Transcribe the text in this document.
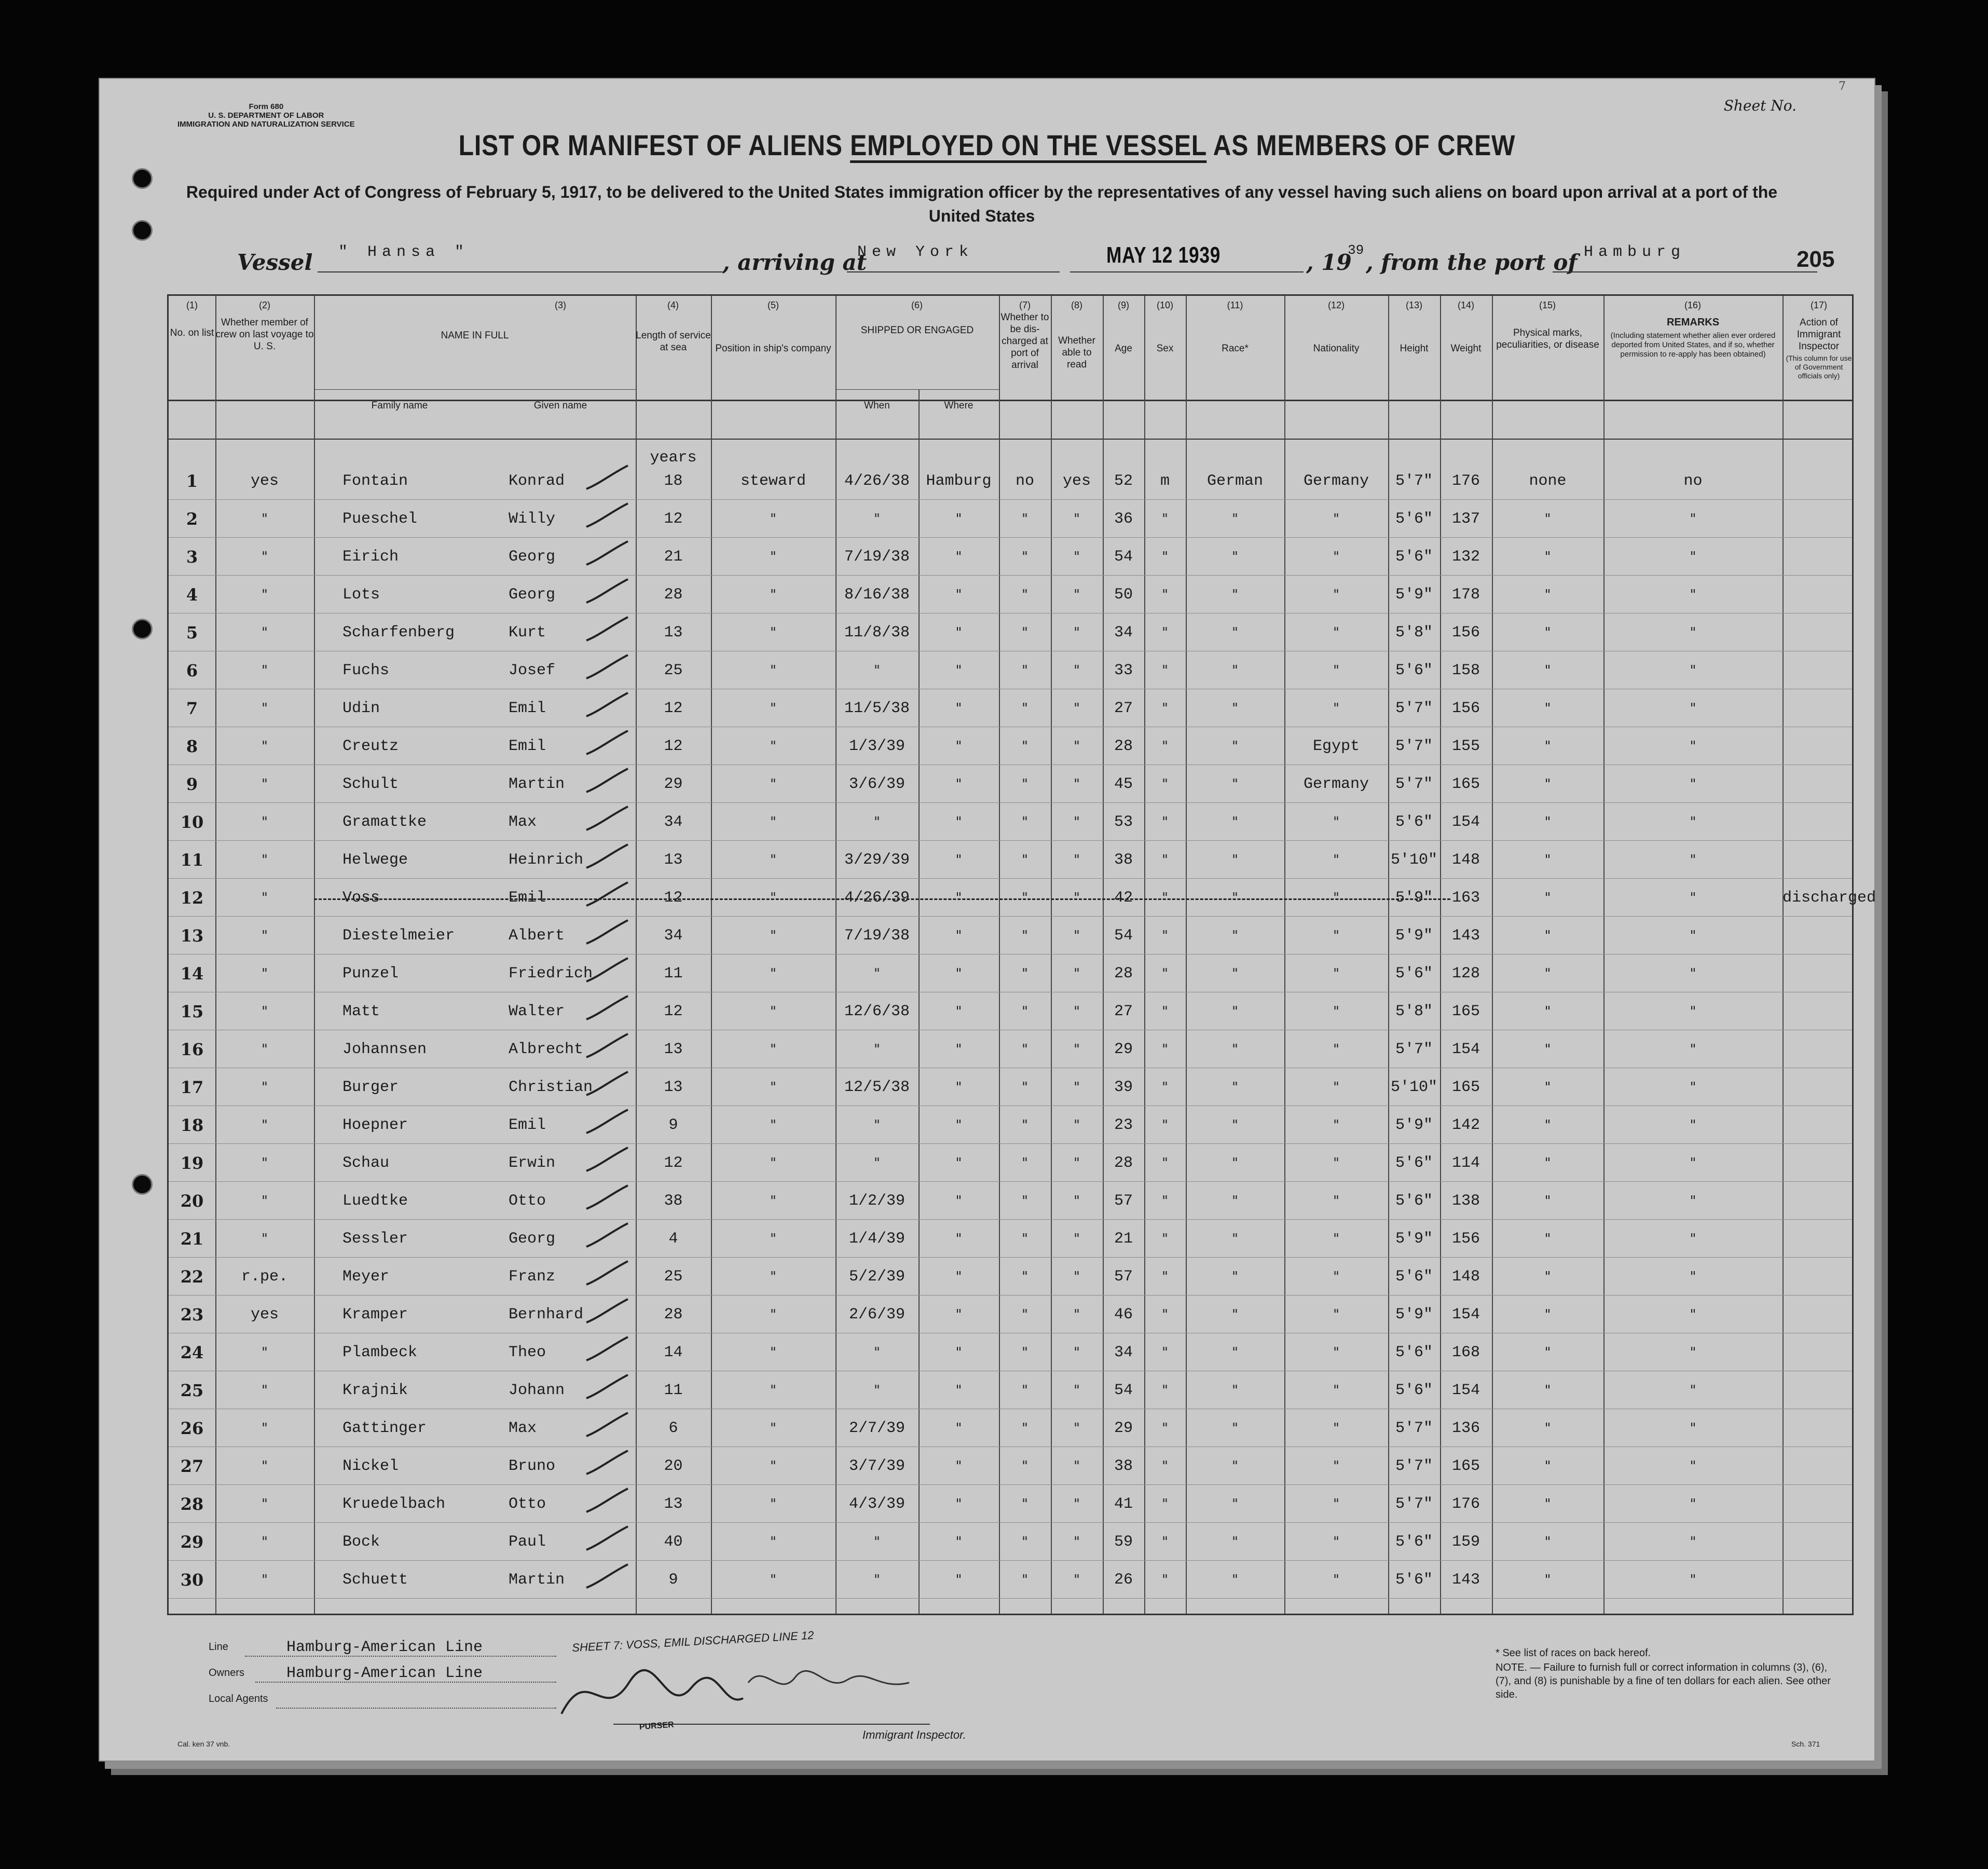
Form 680
U. S. DEPARTMENT OF LABOR
IMMIGRATION AND NATURALIZATION SERVICE
Sheet No.
7
LIST OR MANIFEST OF ALIENS EMPLOYED ON THE VESSEL AS MEMBERS OF CREW
Required under Act of Congress of February 5, 1917, to be delivered to the United States immigration officer by the representatives of any vessel having such aliens on board upon arrival at a port of the United States
Vessel " Hansa "	, arriving at
New York	MAY 12 1939	, 19
39 , from the port of Hamburg	205
(1)	(2)	(3)	(4)	(5)	(6)	(7)	(8)	(9)	(10)	(11)	(12)	(13)	(14)	(15)	(16)	(17)
No. on list
Whether member of crew on last voyage to U. S.
NAME IN FULL
Family name	Given name
Length of service at sea	Position in ship's company
SHIPPED OR ENGAGED
When	Where
Whether to be dis-charged at port of arrival
Whether able to read
Age	Sex	Race*	Nationality	Height	Weight
Physical marks, peculiarities, or disease
REMARKS
(Including statement whether alien ever ordered deported from United States, and if so, whether permission to re-apply has been obtained)
Action of Immigrant Inspector
(This column for use of Government officials only)
years
1	yes	Fontain	Konrad	18	steward	4/26/38	Hamburg	no	yes	52	m	German	Germany	5'7"	176	none	no
2	"	Pueschel	Willy	12	"	"	"	"	"	36	"	"	"	5'6"	137	"	"
3	"	Eirich	Georg	21	"	7/19/38	"	"	"	54	"	"	"	5'6"	132	"	"
4	"	Lots	Georg	28	"	8/16/38	"	"	"	50	"	"	"	5'9"	178	"	"
5	"	Scharfenberg	Kurt	13	"	11/8/38	"	"	"	34	"	"	"	5'8"	156	"	"
6	"	Fuchs	Josef	25	"	"	"	"	"	33	"	"	"	5'6"	158	"	"
7	"	Udin	Emil	12	"	11/5/38	"	"	"	27	"	"	"	5'7"	156	"	"
8	"	Creutz	Emil	12	"	1/3/39	"	"	"	28	"	"	Egypt	5'7"	155	"	"
9	"	Schult	Martin	29	"	3/6/39	"	"	"	45	"	"	Germany	5'7"	165	"	"
10	"	Gramattke	Max	34	"	"	"	"	"	53	"	"	"	5'6"	154	"	"
11	"	Helwege	Heinrich	13	"	3/29/39	"	"	"	38	"	"	"	5'10" 148	"	"
12	"	Voss	Emil	12	"	4/26/39	"	"	"	42	"	"	"	5'9"	163	"	"	discharged
13	"	Diestelmeier	Albert	34	"	7/19/38	"	"	"	54	"	"	"	5'9"	143	"	"
14	"	Punzel	Friedrich	11	"	"	"	"	"	28	"	"	"	5'6"	128	"	"
15	"	Matt	Walter	12	"	12/6/38	"	"	"	27	"	"	"	5'8"	165	"	"
16	"	Johannsen	Albrecht	13	"	"	"	"	"	29	"	"	"	5'7"	154	"	"
17	"	Burger	Christian	13	"	12/5/38	"	"	"	39	"	"	"	5'10" 165	"	"
18	"	Hoepner	Emil	9	"	"	"	"	"	23	"	"	"	5'9"	142	"	"
19	"	Schau	Erwin	12	"	"	"	"	"	28	"	"	"	5'6"	114	"	"
20	"	Luedtke	Otto	38	"	1/2/39	"	"	"	57	"	"	"	5'6"	138	"	"
21	"	Sessler	Georg	4	"	1/4/39	"	"	"	21	"	"	"	5'9"	156	"	"
22	r.pe.	Meyer	Franz	25	"	5/2/39	"	"	"	57	"	"	"	5'6"	148	"	"
23	yes	Kramper	Bernhard	28	"	2/6/39	"	"	"	46	"	"	"	5'9"	154	"	"
24	"	Plambeck	Theo	14	"	"	"	"	"	34	"	"	"	5'6"	168	"	"
25	"	Krajnik	Johann	11	"	"	"	"	"	54	"	"	"	5'6"	154	"	"
26	"	Gattinger	Max	6	"	2/7/39	"	"	"	29	"	"	"	5'7"	136	"	"
27	"	Nickel	Bruno	20	"	3/7/39	"	"	"	38	"	"	"	5'7"	165	"	"
28	"	Kruedelbach	Otto	13	"	4/3/39	"	"	"	41	"	"	"	5'7"	176	"	"
29	"	Bock	Paul	40	"	"	"	"	"	59	"	"	"	5'6"	159	"	"
30	"	Schuett	Martin	9	"	"	"	"	"	26	"	"	"	5'6"	143	"	"
Line	Hamburg-American Line
Owners	Hamburg-American Line
Local Agents
SHEET 7: VOSS, EMIL DISCHARGED LINE 12
PURSER
Immigrant Inspector.
* See list of races on back hereof.
NOTE. — Failure to furnish full or correct information in columns (3), (6), (7), and (8) is punishable by a fine of ten dollars for each alien. See other side.
Cal. ken 37 vnb.	Sch. 371
